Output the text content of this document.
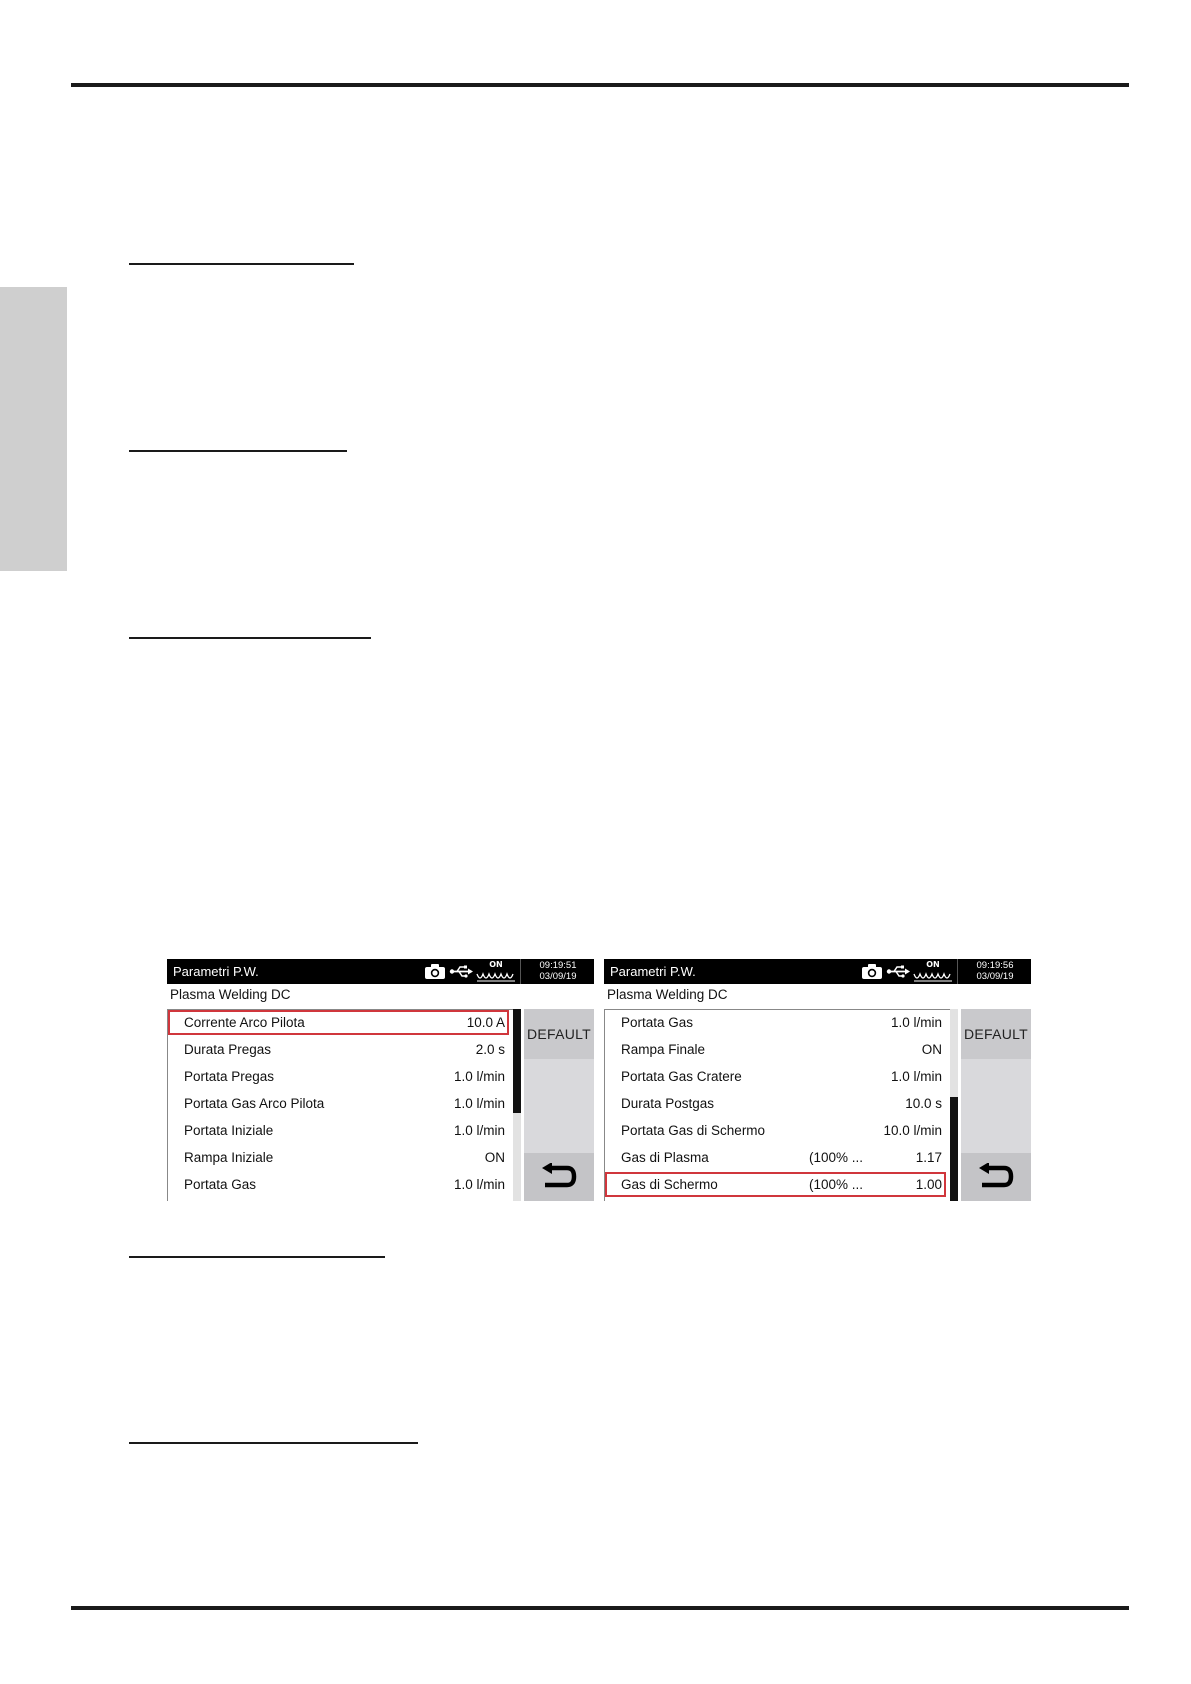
Parametri P.W.	ON	09:19:51
03/09/19
Plasma Welding DC
Corrente Arco Pilota	10.0 A
Durata Pregas	2.0 s
Portata Pregas	1.0 l/min
Portata Gas Arco Pilota	1.0 l/min
Portata Iniziale	1.0 l/min
Rampa Iniziale	ON
Portata Gas	1.0 l/min
DEFAULT
Parametri P.W.	ON	09:19:56
03/09/19
Plasma Welding DC
Portata Gas	1.0 l/min
Rampa Finale	ON
Portata Gas Cratere	1.0 l/min
Durata Postgas	10.0 s
Portata Gas di Schermo	10.0 l/min
Gas di Plasma	(100% ...	1.17
Gas di Schermo	(100% ...	1.00
DEFAULT
